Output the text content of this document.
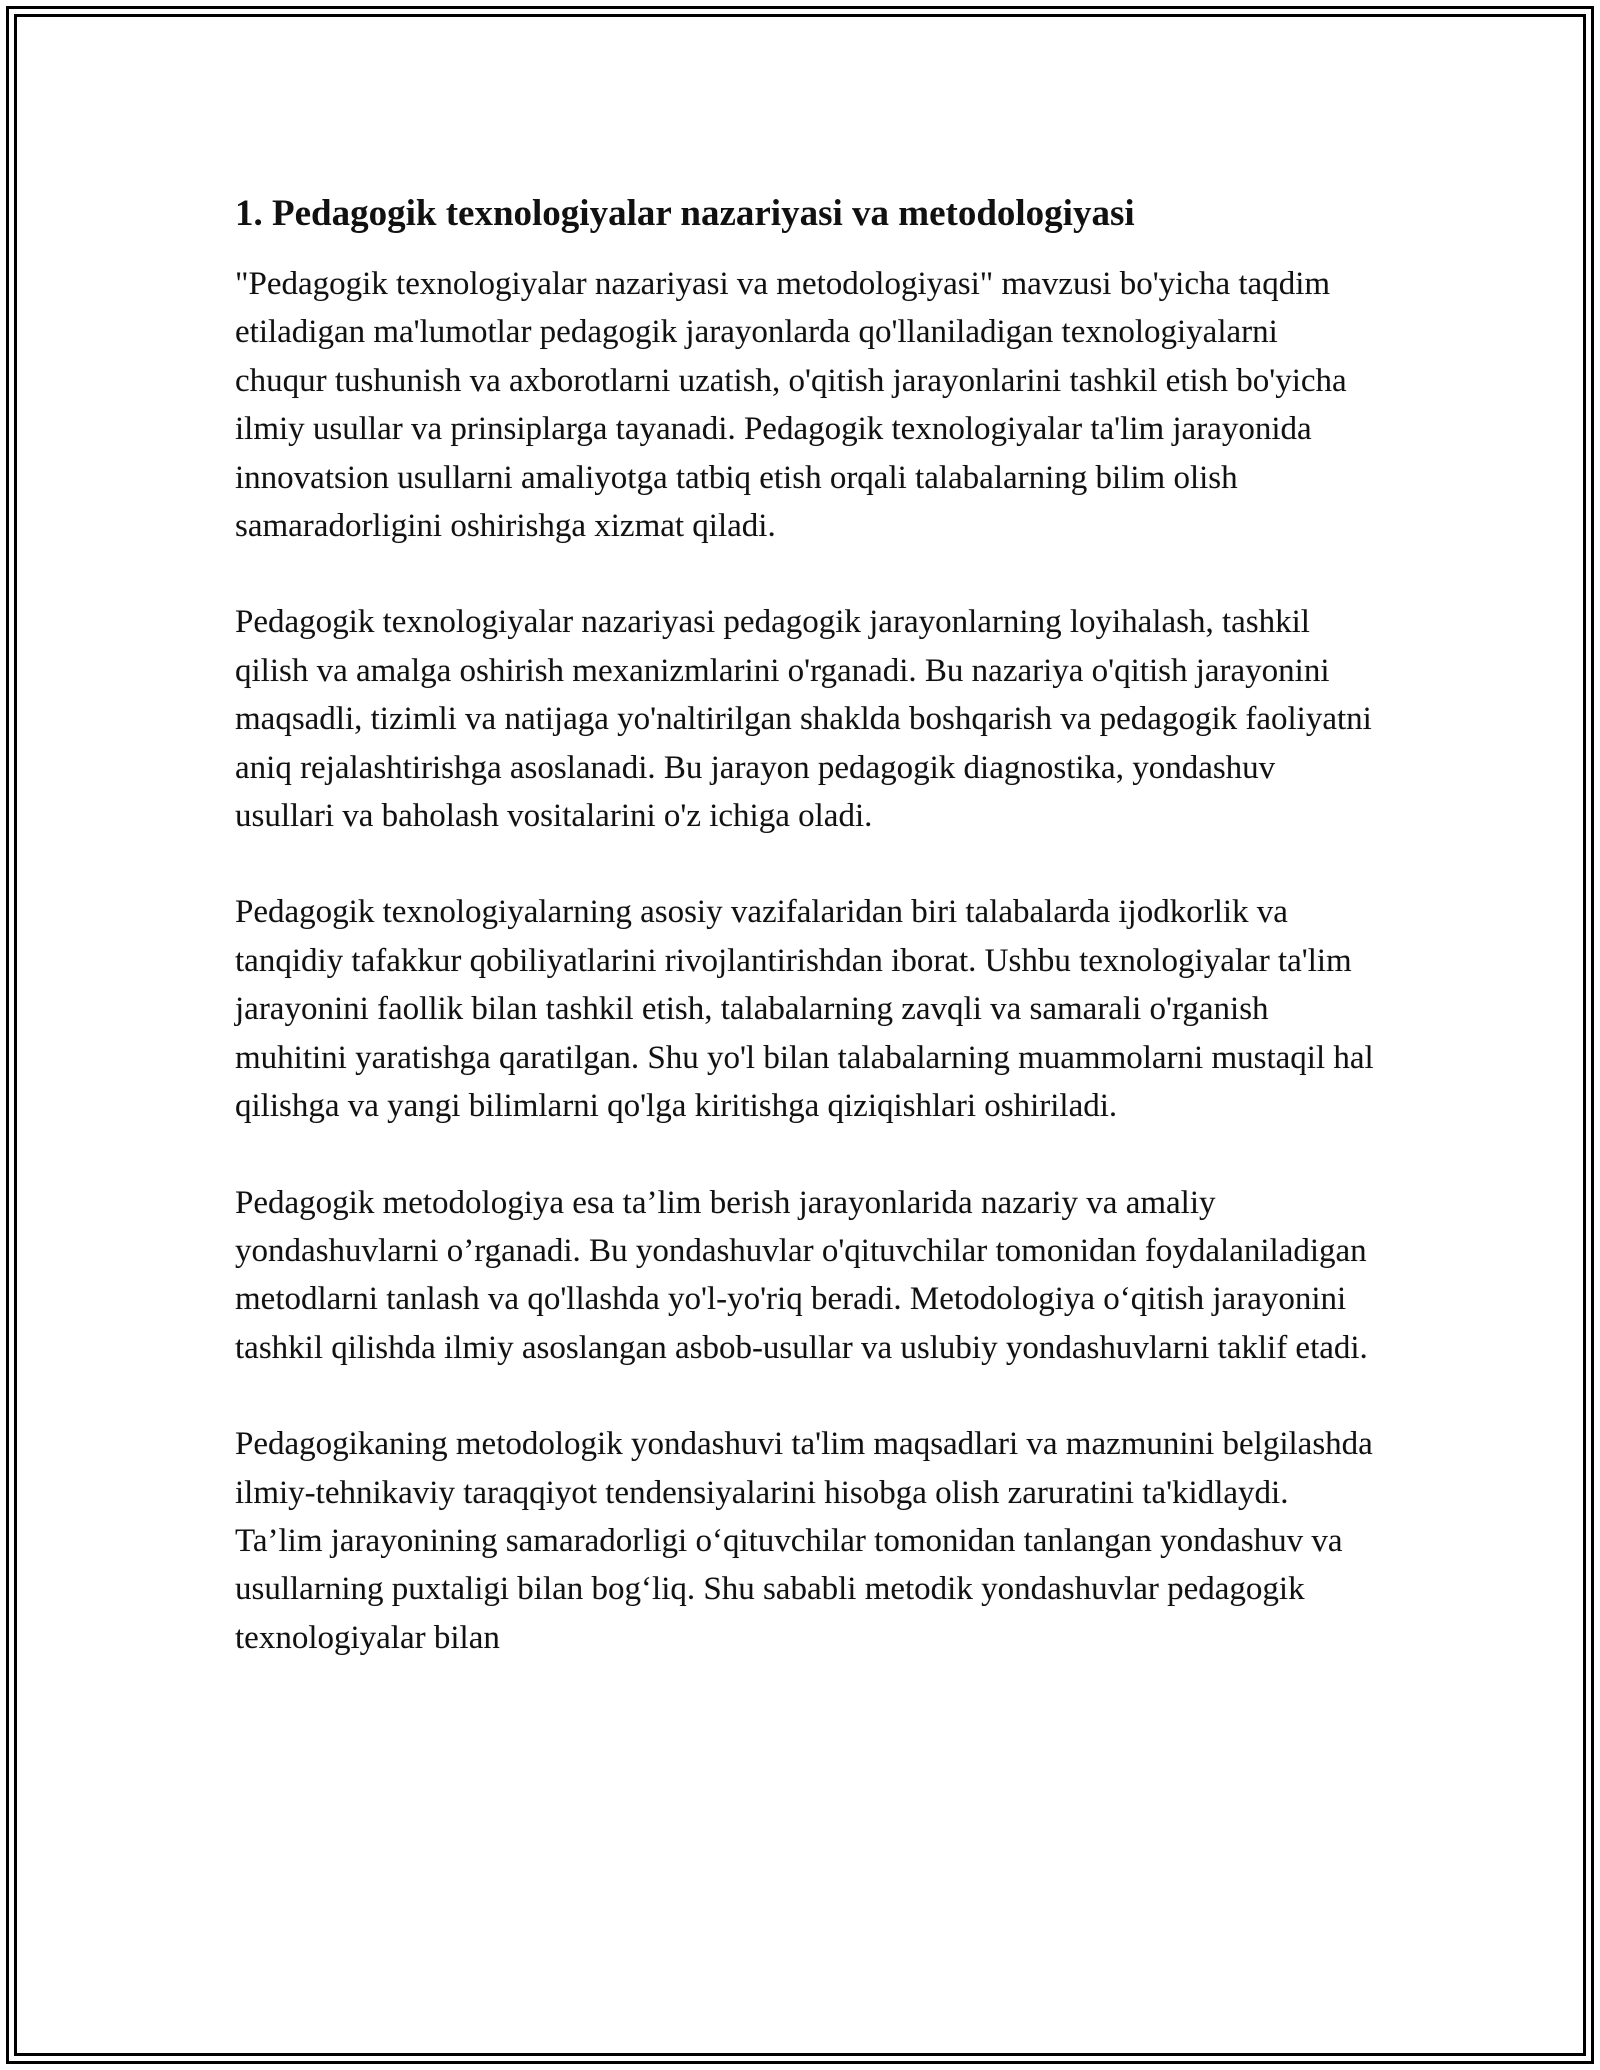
1. Pedagogik texnologiyalar nazariyasi va metodologiyasi

"Pedagogik texnologiyalar nazariyasi va metodologiyasi" mavzusi bo'yicha taqdim etiladigan ma'lumotlar pedagogik jarayonlarda qo'llaniladigan texnologiyalarni chuqur tushunish va axborotlarni uzatish, o'qitish jarayonlarini tashkil etish bo'yicha ilmiy usullar va prinsiplarga tayanadi. Pedagogik texnologiyalar ta'lim jarayonida innovatsion usullarni amaliyotga tatbiq etish orqali talabalarning bilim olish samaradorligini oshirishga xizmat qiladi.

Pedagogik texnologiyalar nazariyasi pedagogik jarayonlarning loyihalash, tashkil qilish va amalga oshirish mexanizmlarini o'rganadi. Bu nazariya o'qitish jarayonini maqsadli, tizimli va natijaga yo'naltirilgan shaklda boshqarish va pedagogik faoliyatni aniq rejalashtirishga asoslanadi. Bu jarayon pedagogik diagnostika, yondashuv usullari va baholash vositalarini o'z ichiga oladi.

Pedagogik texnologiyalarning asosiy vazifalaridan biri talabalarda ijodkorlik va tanqidiy tafakkur qobiliyatlarini rivojlantirishdan iborat. Ushbu texnologiyalar ta'lim jarayonini faollik bilan tashkil etish, talabalarning zavqli va samarali o'rganish muhitini yaratishga qaratilgan. Shu yo'l bilan talabalarning muammolarni mustaqil hal qilishga va yangi bilimlarni qo'lga kiritishga qiziqishlari oshiriladi.

Pedagogik metodologiya esa ta’lim berish jarayonlarida nazariy va amaliy yondashuvlarni o’rganadi. Bu yondashuvlar o'qituvchilar tomonidan foydalaniladigan metodlarni tanlash va qo'llashda yo'l-yo'riq beradi. Metodologiya o‘qitish jarayonini tashkil qilishda ilmiy asoslangan asbob-usullar va uslubiy yondashuvlarni taklif etadi.

Pedagogikaning metodologik yondashuvi ta'lim maqsadlari va mazmunini belgilashda ilmiy-tehnikaviy taraqqiyot tendensiyalarini hisobga olish zaruratini ta'kidlaydi. Ta’lim jarayonining samaradorligi o‘qituvchilar tomonidan tanlangan yondashuv va usullarning puxtaligi bilan bog‘liq. Shu sababli metodik yondashuvlar pedagogik texnologiyalar bilan
